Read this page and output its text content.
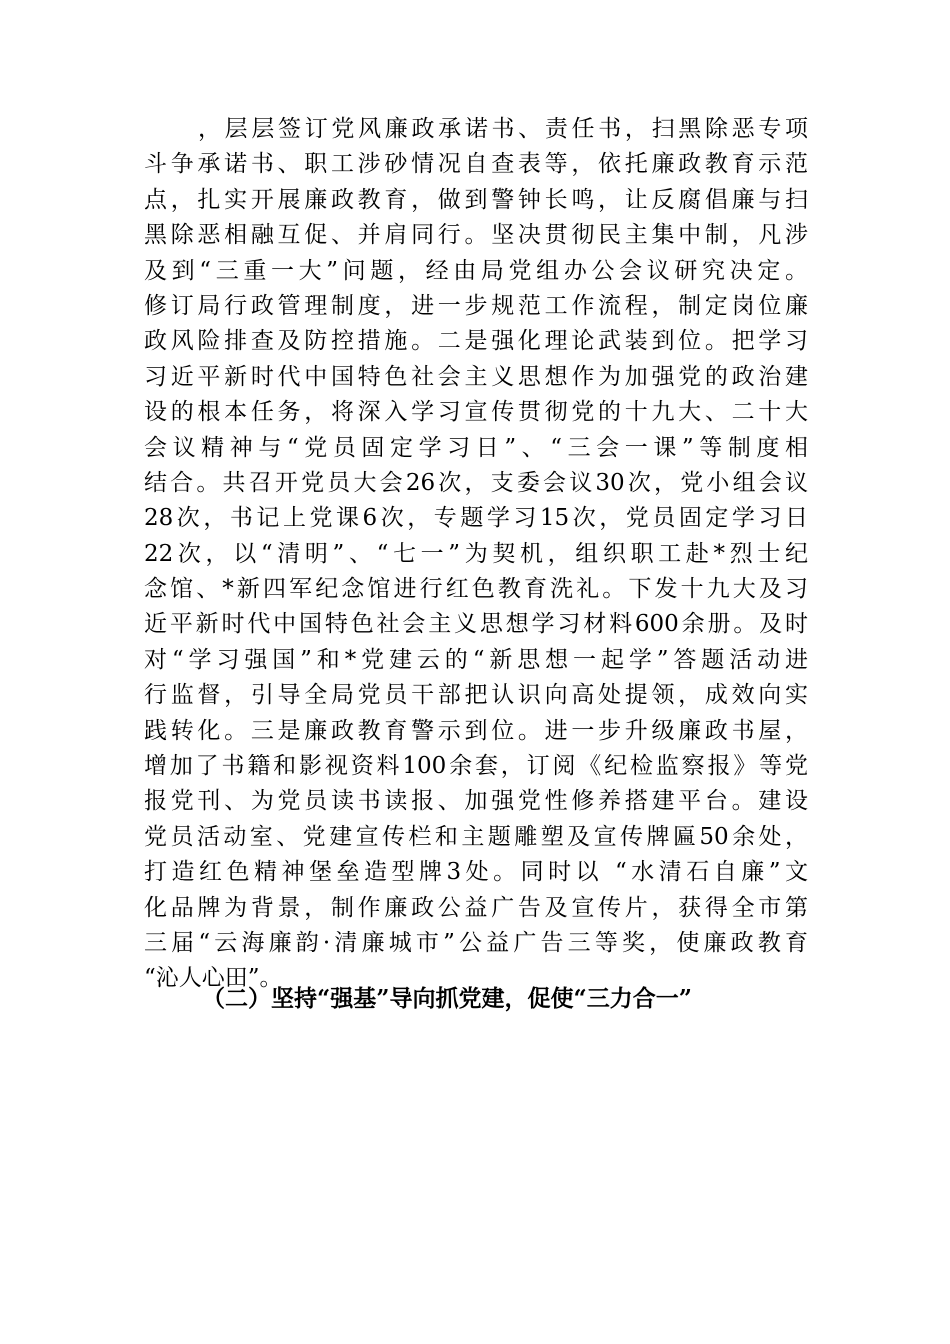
，层层签订党风廉政承诺书、责任书，扫黑除恶专项
斗争承诺书、职工涉砂情况自查表等，依托廉政教育示范
点，扎实开展廉政教育，做到警钟长鸣，让反腐倡廉与扫
黑除恶相融互促、并肩同行。坚决贯彻民主集中制，凡涉
及到“三重一大”问题，经由局党组办公会议研究决定。
修订局行政管理制度，进一步规范工作流程，制定岗位廉
政风险排查及防控措施。二是强化理论武装到位。把学习
习近平新时代中国特色社会主义思想作为加强党的政治建
设的根本任务，将深入学习宣传贯彻党的十九大、二十大
会议精神与“党员固定学习日”、“三会一课”等制度相
结合。共召开党员大会26次，支委会议30次，党小组会议
28次，书记上党课6次，专题学习15次，党员固定学习日
22次，以“清明”、“七一”为契机，组织职工赴*烈士纪
念馆、*新四军纪念馆进行红色教育洗礼。下发十九大及习
近平新时代中国特色社会主义思想学习材料600余册。及时
对“学习强国”和*党建云的“新思想一起学”答题活动进
行监督，引导全局党员干部把认识向高处提领，成效向实
践转化。三是廉政教育警示到位。进一步升级廉政书屋，
增加了书籍和影视资料100余套，订阅《纪检监察报》等党
报党刊、为党员读书读报、加强党性修养搭建平台。建设
党员活动室、党建宣传栏和主题雕塑及宣传牌匾50余处，
打造红色精神堡垒造型牌3处。同时以 “水清石自廉”文
化品牌为背景，制作廉政公益广告及宣传片，获得全市第
三届“云海廉韵·清廉城市”公益广告三等奖，使廉政教育
“沁人心田”。

（二）坚持“强基”导向抓党建，促使“三力合一”
